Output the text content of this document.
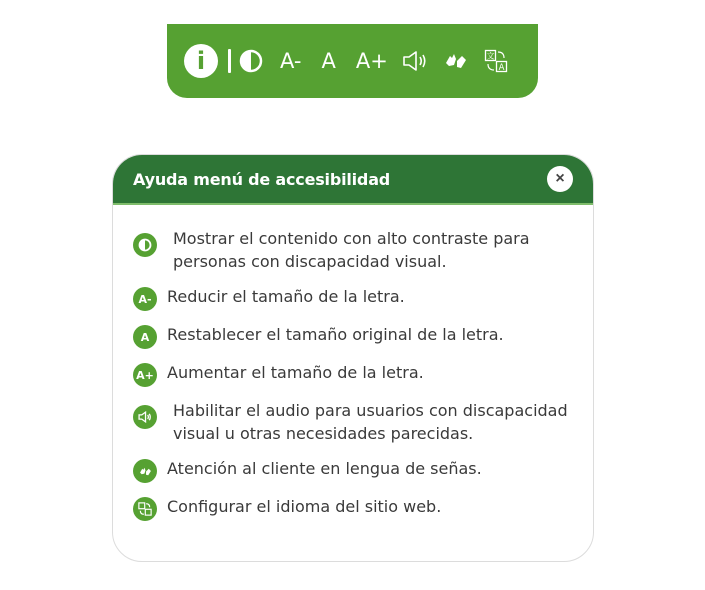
i	A- A A+	文
A
Ayuda menú de accesibilidad	×
Mostrar el contenido con alto contraste para personas con discapacidad visual.
A- Reducir el tamaño de la letra.
A	Restablecer el tamaño original de la letra.
A+ Aumentar el tamaño de la letra.
Habilitar el audio para usuarios con discapacidad visual u otras necesidades parecidas.
Atención al cliente en lengua de señas.
Configurar el idioma del sitio web.
